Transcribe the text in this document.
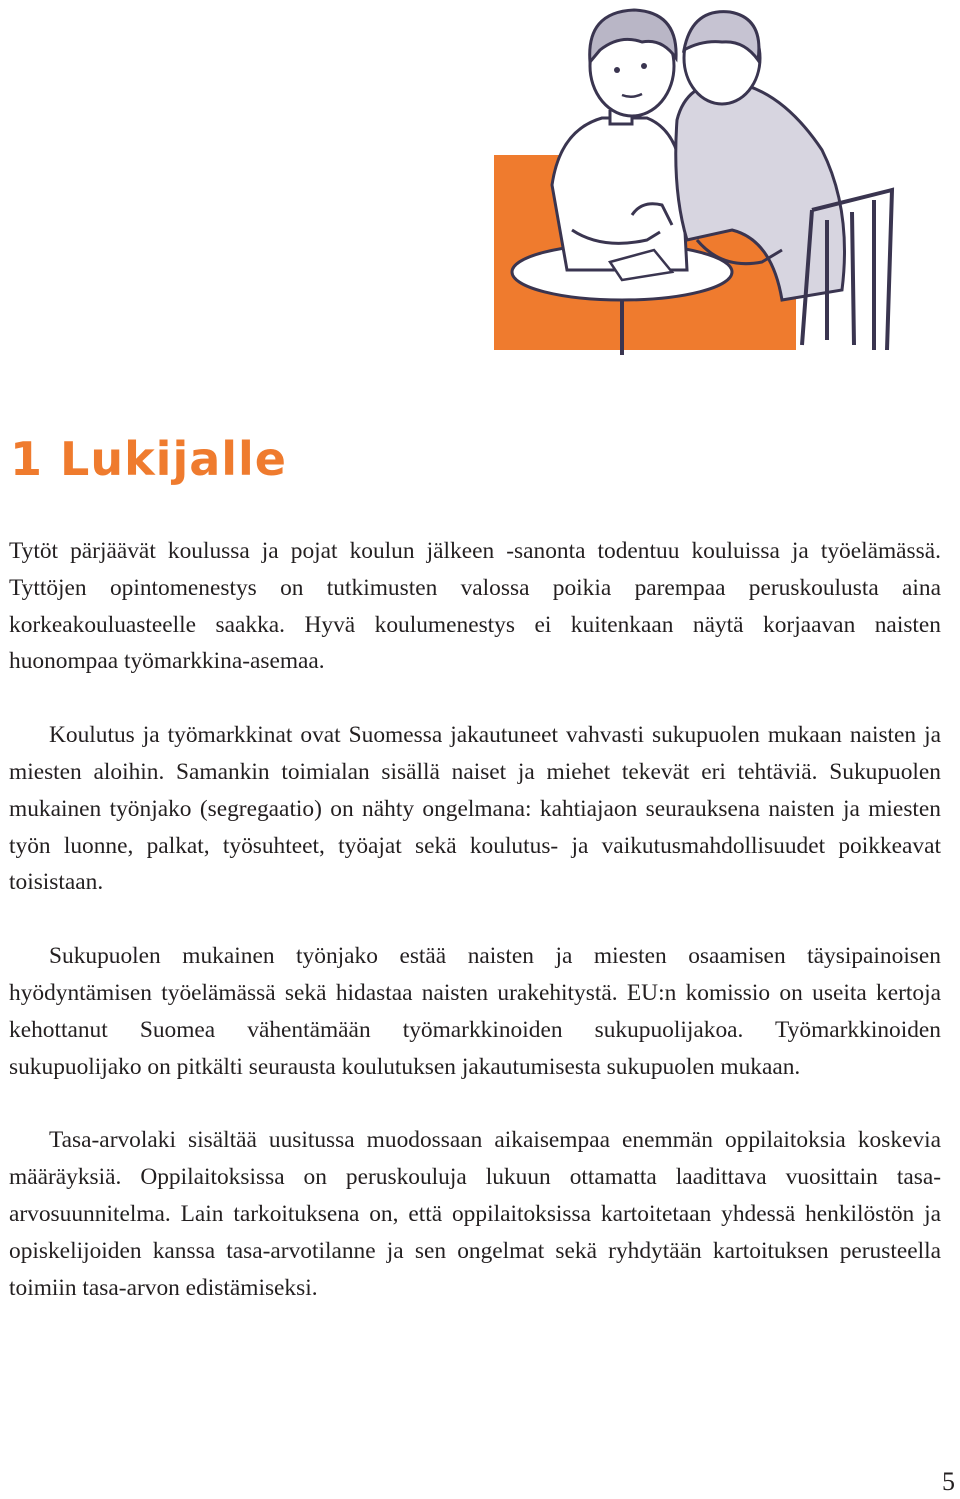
1 Lukijalle

Tytöt pärjäävät koulussa ja pojat koulun jälkeen -sanonta todentuu kouluissa ja työelämässä. Tyttöjen opintomenestys on tutkimusten valossa poikia parempaa peruskoulusta aina korkeakouluasteelle saakka. Hyvä koulumenestys ei kuitenkaan näytä korjaavan naisten huonompaa työmarkkina-asemaa.

Koulutus ja työmarkkinat ovat Suomessa jakautuneet vahvasti sukupuolen mukaan naisten ja miesten aloihin. Samankin toimialan sisällä naiset ja miehet tekevät eri tehtäviä. Sukupuolen mukainen työnjako (segregaatio) on nähty ongelmana: kahtiajaon seurauksena naisten ja miesten työn luonne, palkat, työsuhteet, työajat sekä koulutus- ja vaikutusmahdollisuudet poikkeavat toisistaan.

Sukupuolen mukainen työnjako estää naisten ja miesten osaamisen täysipainoisen hyödyntämisen työelämässä sekä hidastaa naisten urakehitystä. EU:n komissio on useita kertoja kehottanut Suomea vähentämään työmarkkinoiden sukupuolijakoa. Työmarkkinoiden sukupuolijako on pitkälti seurausta koulutuksen jakautumisesta sukupuolen mukaan.

Tasa-arvolaki sisältää uusitussa muodossaan aikaisempaa enemmän oppilaitoksia koskevia määräyksiä. Oppilaitoksissa on peruskouluja lukuun ottamatta laadittava vuosittain tasa-arvosuunnitelma. Lain tarkoituksena on, että oppilaitoksissa kartoitetaan yhdessä henkilöstön ja opiskelijoiden kanssa tasa-arvotilanne ja sen ongelmat sekä ryhdytään kartoituksen perusteella toimiin tasa-arvon edistämiseksi.

5
